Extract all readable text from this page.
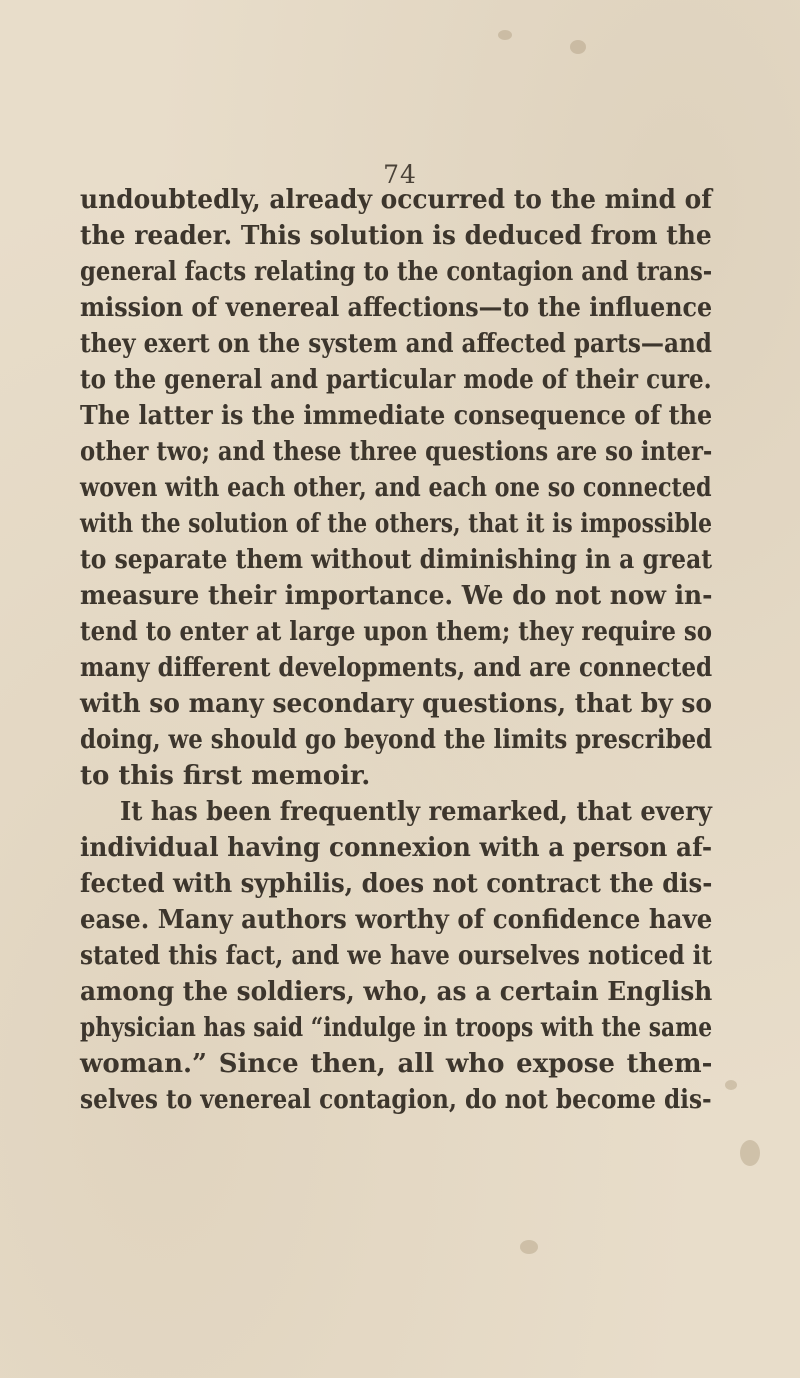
74
undoubtedly, already occurred to the mind of
the reader. This solution is deduced from the
general facts relating to the contagion and trans-
mission of venereal affections—to the influence
they exert on the system and affected parts—and
to the general and particular mode of their cure.
The latter is the immediate consequence of the
other two; and these three questions are so inter-
woven with each other, and each one so connected
with the solution of the others, that it is impossible
to separate them without diminishing in a great
measure their importance. We do not now in-
tend to enter at large upon them; they require so
many different developments, and are connected
with so many secondary questions, that by so
doing, we should go beyond the limits prescribed
to this first memoir.
It has been frequently remarked, that every
individual having connexion with a person af-
fected with syphilis, does not contract the dis-
ease. Many authors worthy of confidence have
stated this fact, and we have ourselves noticed it
among the soldiers, who, as a certain English
physician has said “indulge in troops with the same
woman.” Since then, all who expose them-
selves to venereal contagion, do not become dis-
